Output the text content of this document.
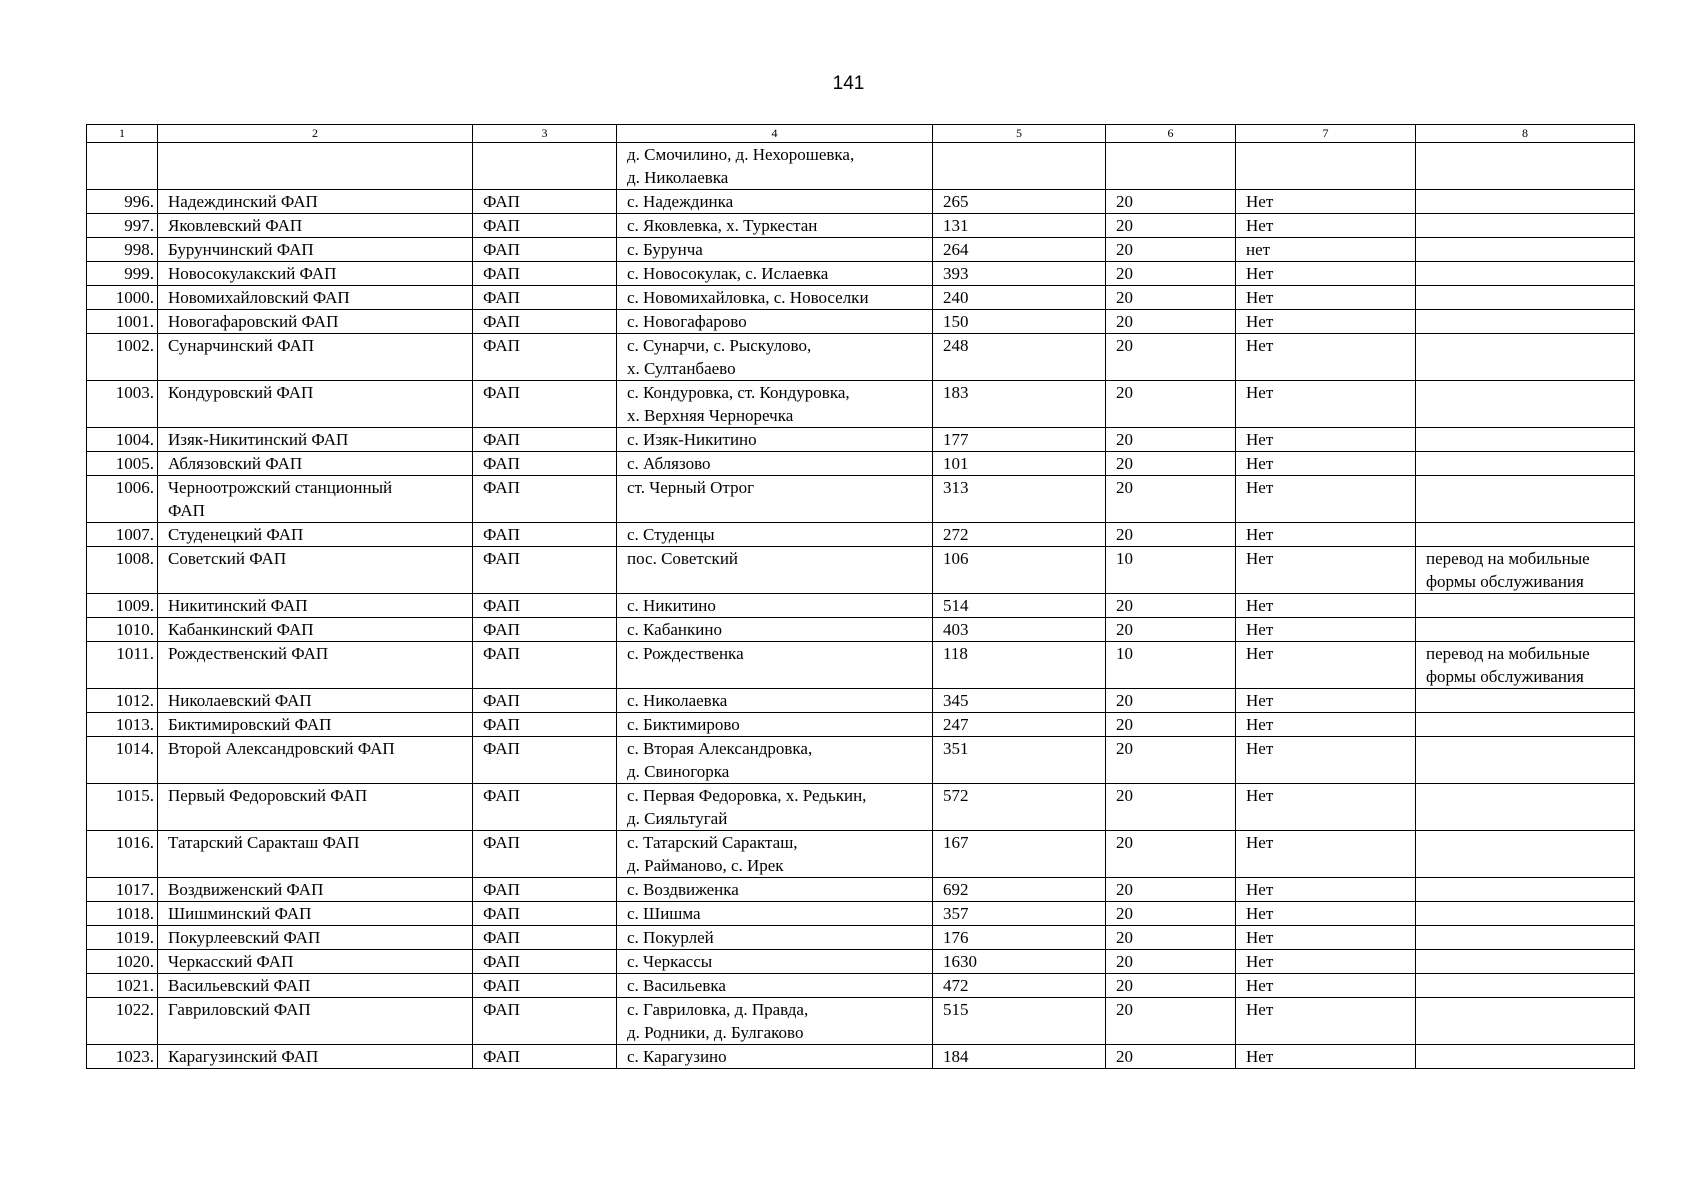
141
1	2	3	4	5	6	7	8
			д. Смочилино, д. Нехорошевка,
д. Николаевка				
996.	Надеждинский ФАП	ФАП	с. Надеждинка	265	20	Нет	
997.	Яковлевский ФАП	ФАП	с. Яковлевка, х. Туркестан	131	20	Нет	
998.	Бурунчинский ФАП	ФАП	с. Бурунча	264	20	нет	
999.	Новосокулакский ФАП	ФАП	с. Новосокулак, с. Ислаевка	393	20	Нет	
1000.	Новомихайловский ФАП	ФАП	с. Новомихайловка, с. Новоселки	240	20	Нет	
1001.	Новогафаровский ФАП	ФАП	с. Новогафарово	150	20	Нет	
1002.	Сунарчинский ФАП	ФАП	с. Сунарчи, с. Рыскулово,
х. Султанбаево	248	20	Нет	
1003.	Кондуровский ФАП	ФАП	с. Кондуровка, ст. Кондуровка,
х. Верхняя Черноречка	183	20	Нет	
1004.	Изяк-Никитинский ФАП	ФАП	с. Изяк-Никитино	177	20	Нет	
1005.	Аблязовский ФАП	ФАП	с. Аблязово	101	20	Нет	
1006.	Черноотрожский станционный
ФАП	ФАП	ст. Черный Отрог	313	20	Нет	
1007.	Студенецкий ФАП	ФАП	с. Студенцы	272	20	Нет	
1008.	Советский ФАП	ФАП	пос. Советский	106	10	Нет	перевод на мобильные
формы обслуживания
1009.	Никитинский ФАП	ФАП	с. Никитино	514	20	Нет	
1010.	Кабанкинский ФАП	ФАП	с. Кабанкино	403	20	Нет	
1011.	Рождественский ФАП	ФАП	с. Рождественка	118	10	Нет	перевод на мобильные
формы обслуживания
1012.	Николаевский ФАП	ФАП	с. Николаевка	345	20	Нет	
1013.	Биктимировский ФАП	ФАП	с. Биктимирово	247	20	Нет	
1014.	Второй Александровский ФАП	ФАП	с. Вторая Александровка,
д. Свиногорка	351	20	Нет	
1015.	Первый Федоровский ФАП	ФАП	с. Первая Федоровка, х. Редькин,
д. Сияльтугай	572	20	Нет	
1016.	Татарский Саракташ ФАП	ФАП	с. Татарский Саракташ,
д. Райманово, с. Ирек	167	20	Нет	
1017.	Воздвиженский ФАП	ФАП	с. Воздвиженка	692	20	Нет	
1018.	Шишминский ФАП	ФАП	с. Шишма	357	20	Нет	
1019.	Покурлеевский ФАП	ФАП	с. Покурлей	176	20	Нет	
1020.	Черкасский ФАП	ФАП	с. Черкассы	1630	20	Нет	
1021.	Васильевский ФАП	ФАП	с. Васильевка	472	20	Нет	
1022.	Гавриловский ФАП	ФАП	с. Гавриловка, д. Правда,
д. Родники, д. Булгаково	515	20	Нет	
1023.	Карагузинский ФАП	ФАП	с. Карагузино	184	20	Нет	
